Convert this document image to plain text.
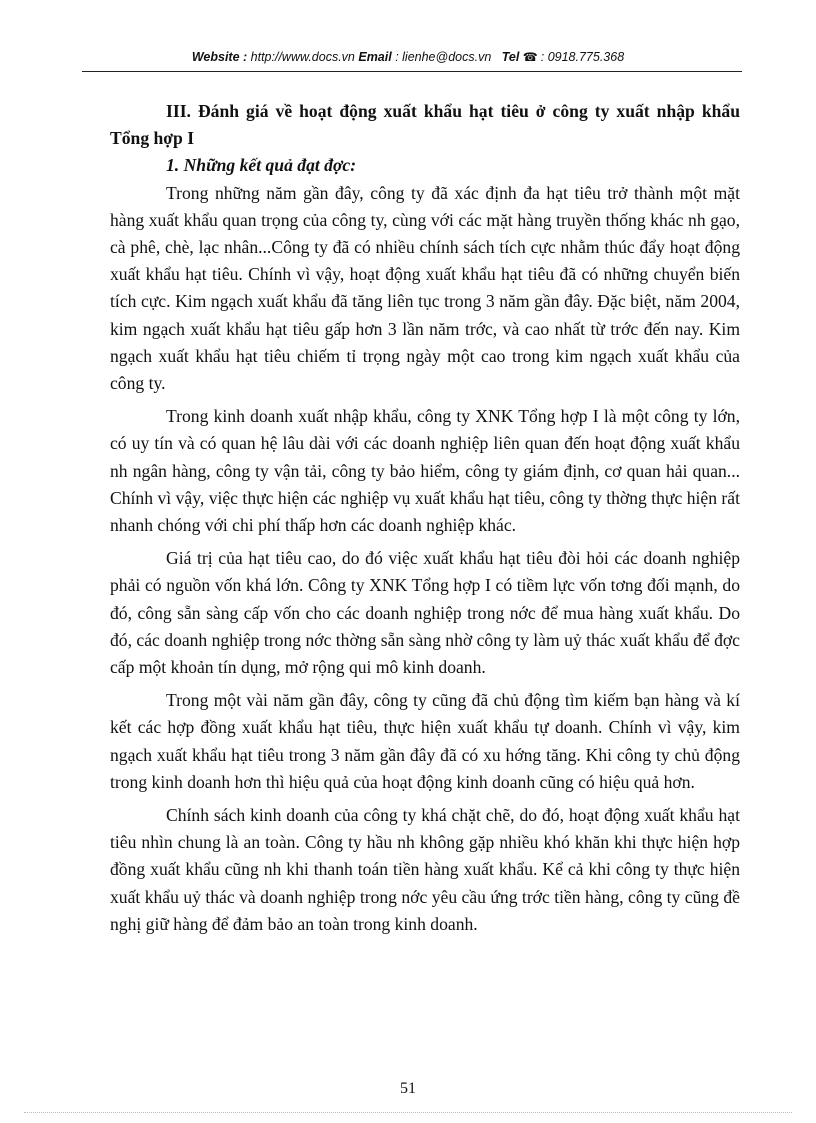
Website : http://www.docs.vn Email : lienhe@docs.vn Tel ☎ : 0918.775.368

III. Đánh giá về hoạt động xuất khẩu hạt tiêu ở công ty xuất nhập khẩu Tổng hợp I

1. Những kết quả đạt đợc:

Trong những năm gần đây, công ty đã xác định đa hạt tiêu trở thành một mặt hàng xuất khẩu quan trọng của công ty, cùng với các mặt hàng truyền thống khác nh gạo, cà phê, chè, lạc nhân...Công ty đã có nhiều chính sách tích cực nhằm thúc đẩy hoạt động xuất khẩu hạt tiêu. Chính vì vậy, hoạt động xuất khẩu hạt tiêu đã có những chuyển biến tích cực. Kim ngạch xuất khẩu đã tăng liên tục trong 3 năm gần đây. Đặc biệt, năm 2004, kim ngạch xuất khẩu hạt tiêu gấp hơn 3 lần năm trớc, và cao nhất từ trớc đến nay. Kim ngạch xuất khẩu hạt tiêu chiếm tỉ trọng ngày một cao trong kim ngạch xuất khẩu của công ty.

Trong kinh doanh xuất nhập khẩu, công ty XNK Tổng hợp I là một công ty lớn, có uy tín và có quan hệ lâu dài với các doanh nghiệp liên quan đến hoạt động xuất khẩu nh ngân hàng, công ty vận tải, công ty bảo hiểm, công ty giám định, cơ quan hải quan... Chính vì vậy, việc thực hiện các nghiệp vụ xuất khẩu hạt tiêu, công ty thờng thực hiện rất nhanh chóng với chi phí thấp hơn các doanh nghiệp khác.

Giá trị của hạt tiêu cao, do đó việc xuất khẩu hạt tiêu đòi hỏi các doanh nghiệp phải có nguồn vốn khá lớn. Công ty XNK Tổng hợp I có tiềm lực vốn tơng đối mạnh, do đó, công sẵn sàng cấp vốn cho các doanh nghiệp trong nớc để mua hàng xuất khẩu. Do đó, các doanh nghiệp trong nớc thờng sẵn sàng nhờ công ty làm uỷ thác xuất khẩu để đợc cấp một khoản tín dụng, mở rộng qui mô kinh doanh.

Trong một vài năm gần đây, công ty cũng đã chủ động tìm kiếm bạn hàng và kí kết các hợp đồng xuất khẩu hạt tiêu, thực hiện xuất khẩu tự doanh. Chính vì vậy, kim ngạch xuất khẩu hạt tiêu trong 3 năm gần đây đã có xu hớng tăng. Khi công ty chủ động trong kinh doanh hơn thì hiệu quả của hoạt động kinh doanh cũng có hiệu quả hơn.

Chính sách kinh doanh của công ty khá chặt chẽ, do đó, hoạt động xuất khẩu hạt tiêu nhìn chung là an toàn. Công ty hầu nh không gặp nhiều khó khăn khi thực hiện hợp đồng xuất khẩu cũng nh khi thanh toán tiền hàng xuất khẩu. Kể cả khi công ty thực hiện xuất khẩu uỷ thác và doanh nghiệp trong nớc yêu cầu ứng trớc tiền hàng, công ty cũng đề nghị giữ hàng để đảm bảo an toàn trong kinh doanh.

51
